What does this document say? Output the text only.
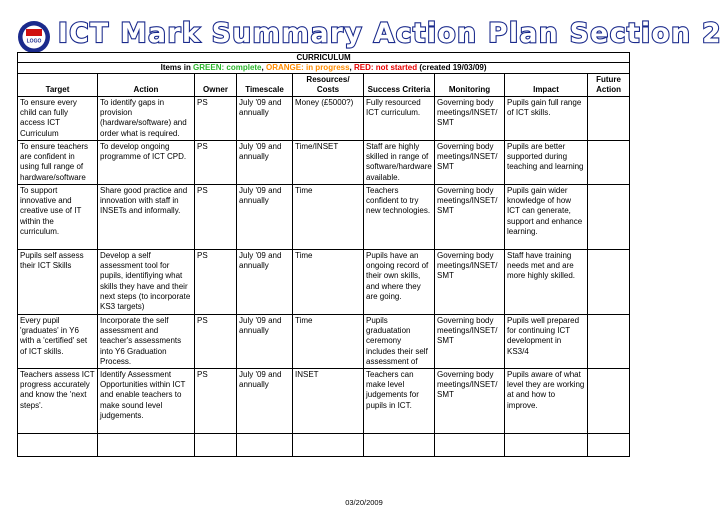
LOGO ICT Mark Summary Action Plan Section 2
CURRICULUM								
Items in GREEN: complete, ORANGE: in progress, RED: not started (created 19/03/09)								
Target	Action	Owner	Timescale	Resources/ Costs	Success Criteria	Monitoring	Impact	Future Action
To ensure every child can fully access ICT Curriculum	To identify gaps in provision (hardware/software) and order what is required.	PS	July '09 and annually	Money (£5000?)	Fully resourced ICT curriculum.	Governing body meetings/INSET/ SMT	Pupils gain full range of ICT skills.	
To ensure teachers are confident in using full range of hardware/software	To develop ongoing programme of ICT CPD.	PS	July '09 and annually	Time/INSET	Staff are highly skilled in range of software/hardware available.	Governing body meetings/INSET/ SMT	Pupils are better supported during teaching and learning	
To support innovative and creative use of IT within the curriculum.	Share good practice and innovation with staff in INSETs and informally.	PS	July '09 and annually	Time	Teachers confident to try new technologies.	Governing body meetings/INSET/ SMT	Pupils gain wider knowledge of how ICT can generate, support and enhance learning.	
Pupils self assess their ICT Skills	Develop a self assessment tool for pupils, identifiying what skills they have and their next steps (to incorporate KS3 targets)	PS	July '09 and annually	Time	Pupils have an ongoing record of their own skills, and where they are going.	Governing body meetings/INSET/ SMT	Staff have training needs met and are more highly skilled.	
Every pupil 'graduates' in Y6 with a 'certified' set of ICT skills.	Incorporate the self assessment and teacher's assessments into Y6 Graduation Process.	PS	July '09 and annually	Time	Pupils graduatation ceremony includes their self assessment of	Governing body meetings/INSET/ SMT	Pupils well prepared for continuing ICT development in KS3/4	
Teachers assess ICT progress accurately and know the 'next steps'.	Identify Assessment Opportunities within ICT and enable teachers to make sound level judgements.	PS	July '09 and annually	INSET	Teachers can make level judgements for pupils in ICT.	Governing body meetings/INSET/ SMT	Pupils aware of what level they are working at and how to improve.	

03/20/2009
